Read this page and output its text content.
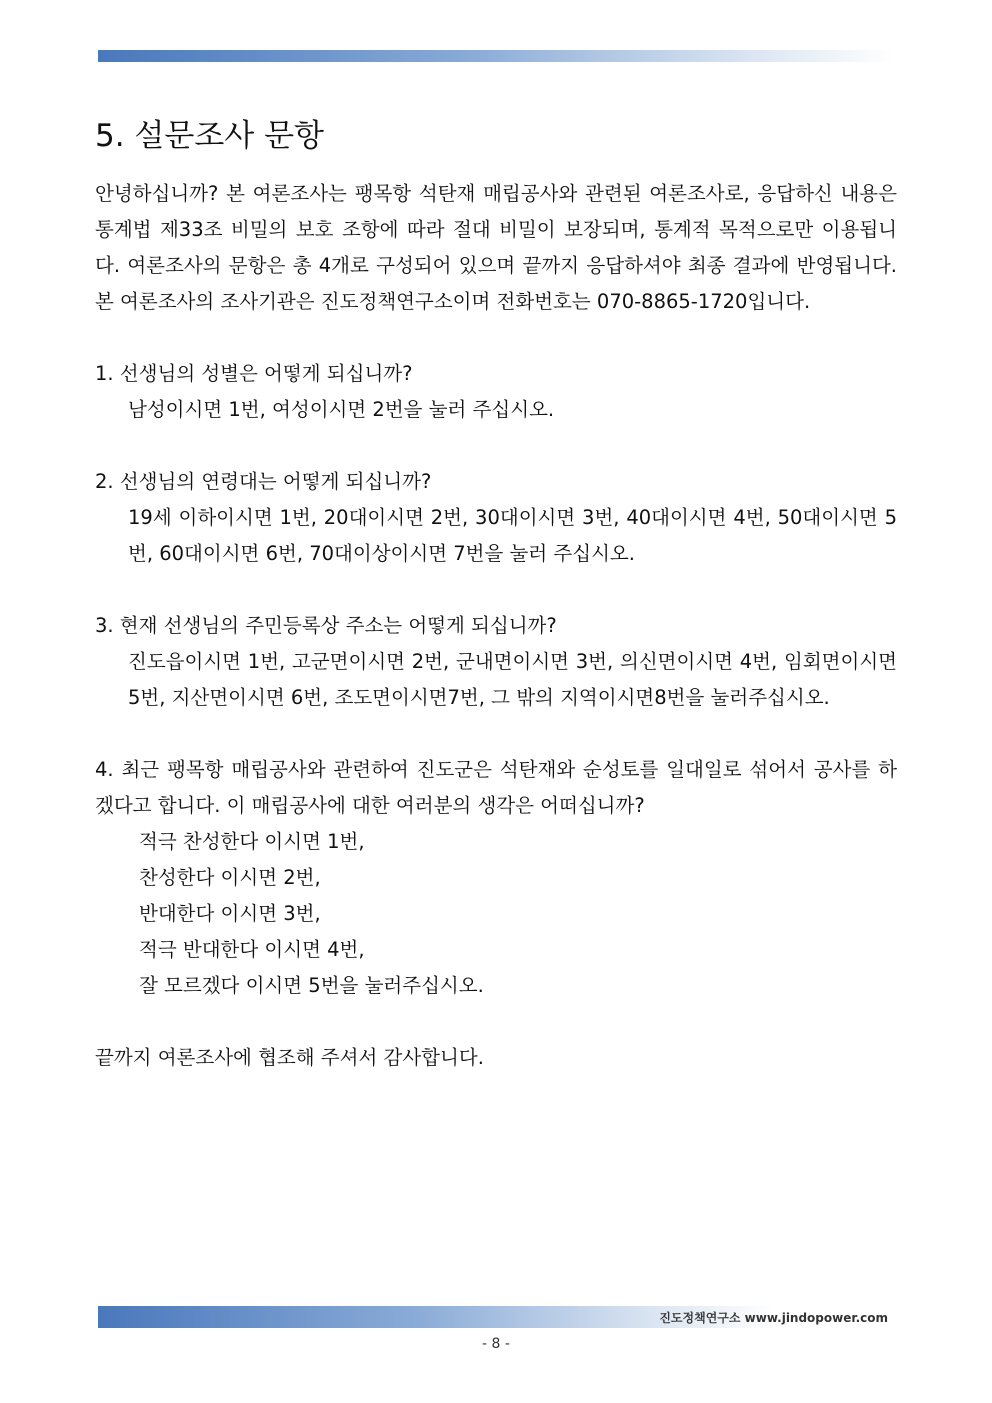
5. 설문조사 문항

안녕하십니까? 본 여론조사는 팽목항 석탄재 매립공사와 관련된 여론조사로, 응답하신 내용은 통계법 제33조 비밀의 보호 조항에 따라 절대 비밀이 보장되며, 통계적 목적으로만 이용됩니다. 여론조사의 문항은 총 4개로 구성되어 있으며 끝까지 응답하셔야 최종 결과에 반영됩니다. 본 여론조사의 조사기관은 진도정책연구소이며 전화번호는 070-8865-1720입니다.

1. 선생님의 성별은 어떻게 되십니까?

남성이시면 1번, 여성이시면 2번을 눌러 주십시오.

2. 선생님의 연령대는 어떻게 되십니까?

19세 이하이시면 1번, 20대이시면 2번, 30대이시면 3번, 40대이시면 4번, 50대이시면 5번, 60대이시면 6번, 70대이상이시면 7번을 눌러 주십시오.

3. 현재 선생님의 주민등록상 주소는 어떻게 되십니까?

진도읍이시면 1번, 고군면이시면 2번, 군내면이시면 3번, 의신면이시면 4번, 임회면이시면 5번, 지산면이시면 6번, 조도면이시면7번, 그 밖의 지역이시면8번을 눌러주십시오.

4. 최근 팽목항 매립공사와 관련하여 진도군은 석탄재와 순성토를 일대일로 섞어서 공사를 하겠다고 합니다. 이 매립공사에 대한 여러분의 생각은 어떠십니까?

적극 찬성한다 이시면 1번,

찬성한다 이시면 2번,

반대한다 이시면 3번,

적극 반대한다 이시면 4번,

잘 모르겠다 이시면 5번을 눌러주십시오.

끝까지 여론조사에 협조해 주셔서 감사합니다.

진도정책연구소 www.jindopower.com
- 8 -
